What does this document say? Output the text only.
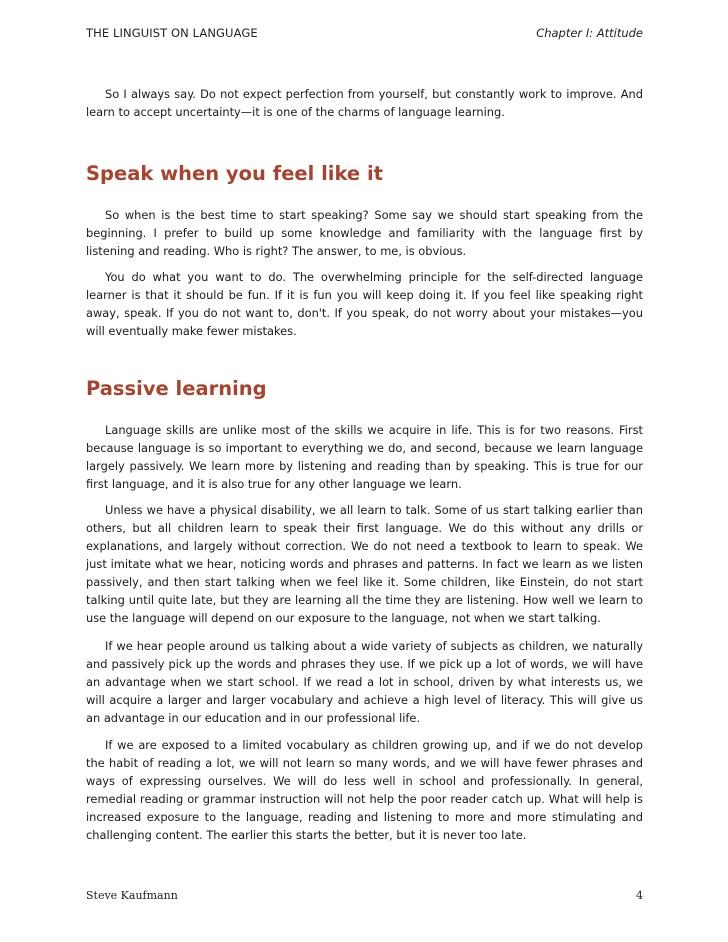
THE LINGUIST ON LANGUAGE	Chapter I: Attitude

So I always say. Do not expect perfection from yourself, but constantly work to improve. And learn to accept uncertainty—it is one of the charms of language learning.

Speak when you feel like it

So when is the best time to start speaking? Some say we should start speaking from the beginning. I prefer to build up some knowledge and familiarity with the language first by listening and reading. Who is right? The answer, to me, is obvious.

You do what you want to do. The overwhelming principle for the self-directed language learner is that it should be fun. If it is fun you will keep doing it. If you feel like speaking right away, speak. If you do not want to, don't. If you speak, do not worry about your mistakes—you will eventually make fewer mistakes.

Passive learning

Language skills are unlike most of the skills we acquire in life. This is for two reasons. First because language is so important to everything we do, and second, because we learn language largely passively. We learn more by listening and reading than by speaking. This is true for our first language, and it is also true for any other language we learn.

Unless we have a physical disability, we all learn to talk. Some of us start talking earlier than others, but all children learn to speak their first language. We do this without any drills or explanations, and largely without correction. We do not need a textbook to learn to speak. We just imitate what we hear, noticing words and phrases and patterns. In fact we learn as we listen passively, and then start talking when we feel like it. Some children, like Einstein, do not start talking until quite late, but they are learning all the time they are listening. How well we learn to use the language will depend on our exposure to the language, not when we start talking.

If we hear people around us talking about a wide variety of subjects as children, we naturally and passively pick up the words and phrases they use. If we pick up a lot of words, we will have an advantage when we start school. If we read a lot in school, driven by what interests us, we will acquire a larger and larger vocabulary and achieve a high level of literacy. This will give us an advantage in our education and in our professional life.

If we are exposed to a limited vocabulary as children growing up, and if we do not develop the habit of reading a lot, we will not learn so many words, and we will have fewer phrases and ways of expressing ourselves. We will do less well in school and professionally. In general, remedial reading or grammar instruction will not help the poor reader catch up. What will help is increased exposure to the language, reading and listening to more and more stimulating and challenging content. The earlier this starts the better, but it is never too late.

Steve Kaufmann	4
